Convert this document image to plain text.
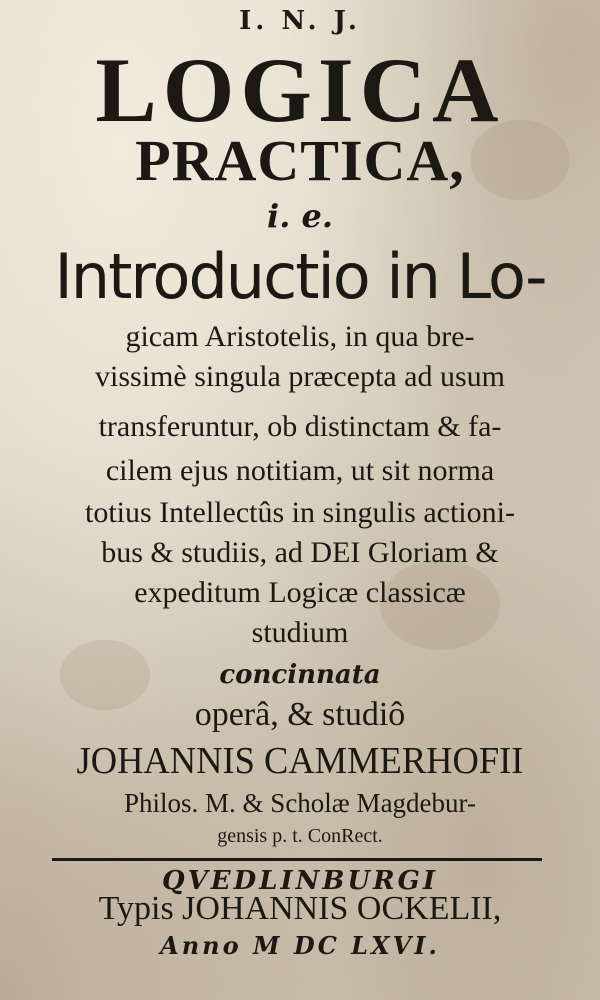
I. N. J.
LOGICA
PRACTICA,
i. e.
Introductio in Lo-
gicam Aristotelis, in qua bre-
vissimè singula præcepta ad usum
transferuntur, ob distinctam & fa-
cilem ejus notitiam, ut sit norma
totius Intellectûs in singulis actioni-
bus & studiis, ad DEI Gloriam &
expeditum Logicæ classicæ
studium
concinnata
operâ, & studiô
JOHANNIS CAMMERHOFII
Philos. M. & Scholæ Magdebur-
gensis p. t. ConRect.
QVEDLINBURGI
Typis JOHANNIS OCKELII,
Anno M DC LXVI.
